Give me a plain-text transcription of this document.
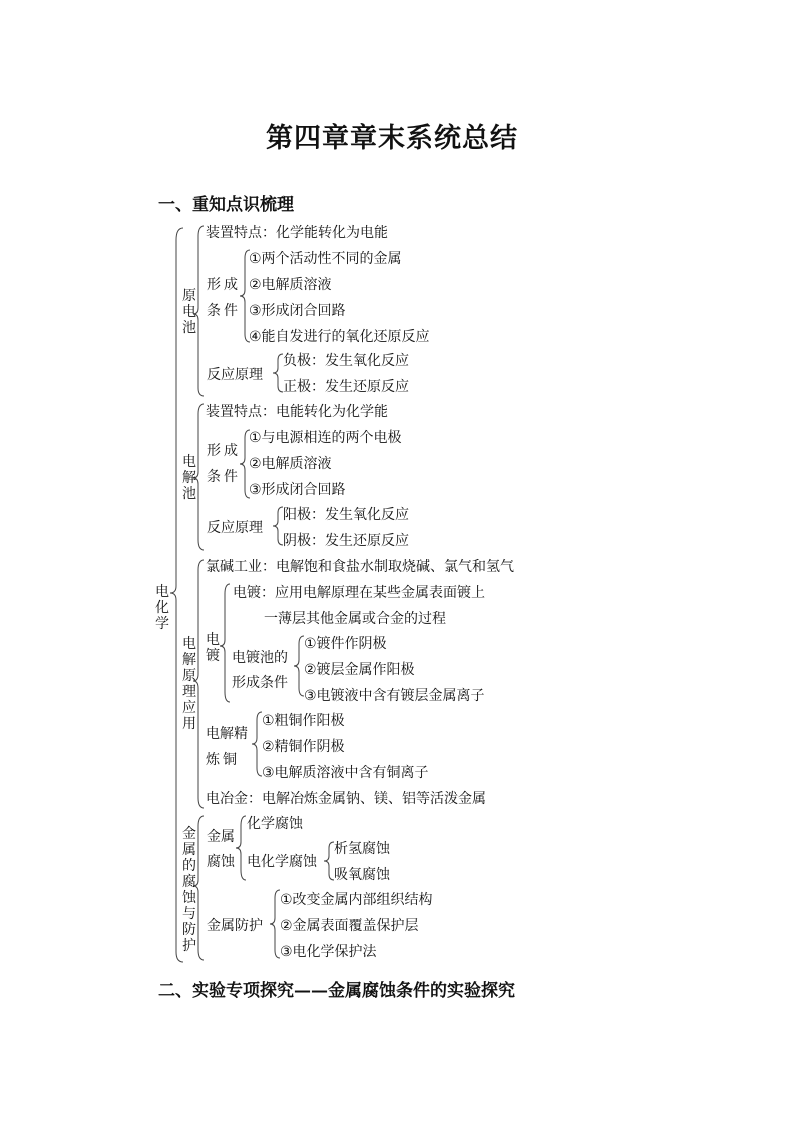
第四章章末系统总结
一、重知点识梳理
电化学
原电池
装置特点：化学能转化为电能
形成
条件
①两个活动性不同的金属
②电解质溶液
③形成闭合回路
④能自发进行的氧化还原反应
反应原理
负极：发生氧化反应
正极：发生还原反应
电解池
装置特点：电能转化为化学能
形成
条件
①与电源相连的两个电极
②电解质溶液
③形成闭合回路
反应原理
阳极：发生氧化反应
阴极：发生还原反应
电解原理应用
氯碱工业：电解饱和食盐水制取烧碱、氯气和氢气
电镀
电镀：应用电解原理在某些金属表面镀上
一薄层其他金属或合金的过程
电镀池的
形成条件
①镀件作阴极
②镀层金属作阳极
③电镀液中含有镀层金属离子
电解精
炼铜
①粗铜作阳极
②精铜作阴极
③电解质溶液中含有铜离子
电冶金：电解冶炼金属钠、镁、铝等活泼金属
金属的腐蚀与防护
金属
腐蚀
化学腐蚀
电化学腐蚀
析氢腐蚀
吸氧腐蚀
金属防护
①改变金属内部组织结构
②金属表面覆盖保护层
③电化学保护法
二、实验专项探究——金属腐蚀条件的实验探究
